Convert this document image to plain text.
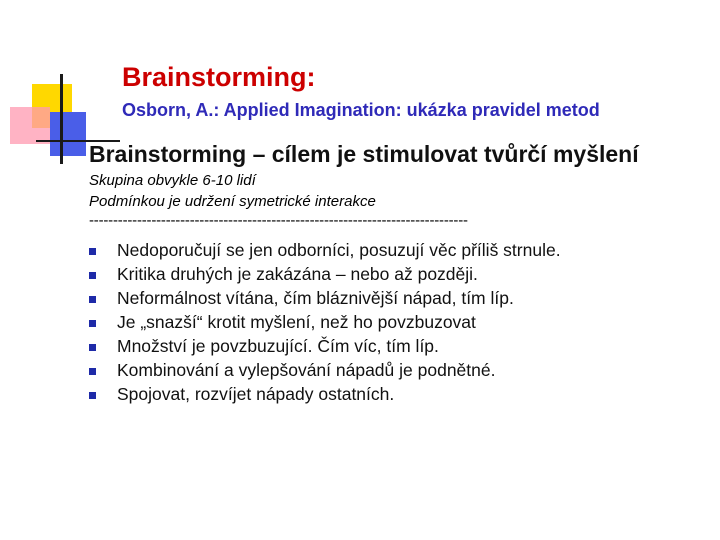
Brainstorming:
Osborn, A.: Applied Imagination: ukázka pravidel metod
Brainstorming – cílem je stimulovat tvůrčí myšlení
Skupina obvykle 6-10 lidí
Podmínkou je udržení symetrické interakce
-------------------------------------------------------------------------------
Nedoporučují se jen odborníci, posuzují věc příliš strnule.
Kritika druhých je zakázána – nebo až později.
Neformálnost vítána, čím bláznivější nápad, tím líp.
Je „snazší“ krotit myšlení, než ho povzbuzovat
Množství je povzbuzující. Čím víc, tím líp.
Kombinování a vylepšování nápadů je podnětné.
Spojovat, rozvíjet nápady ostatních.
